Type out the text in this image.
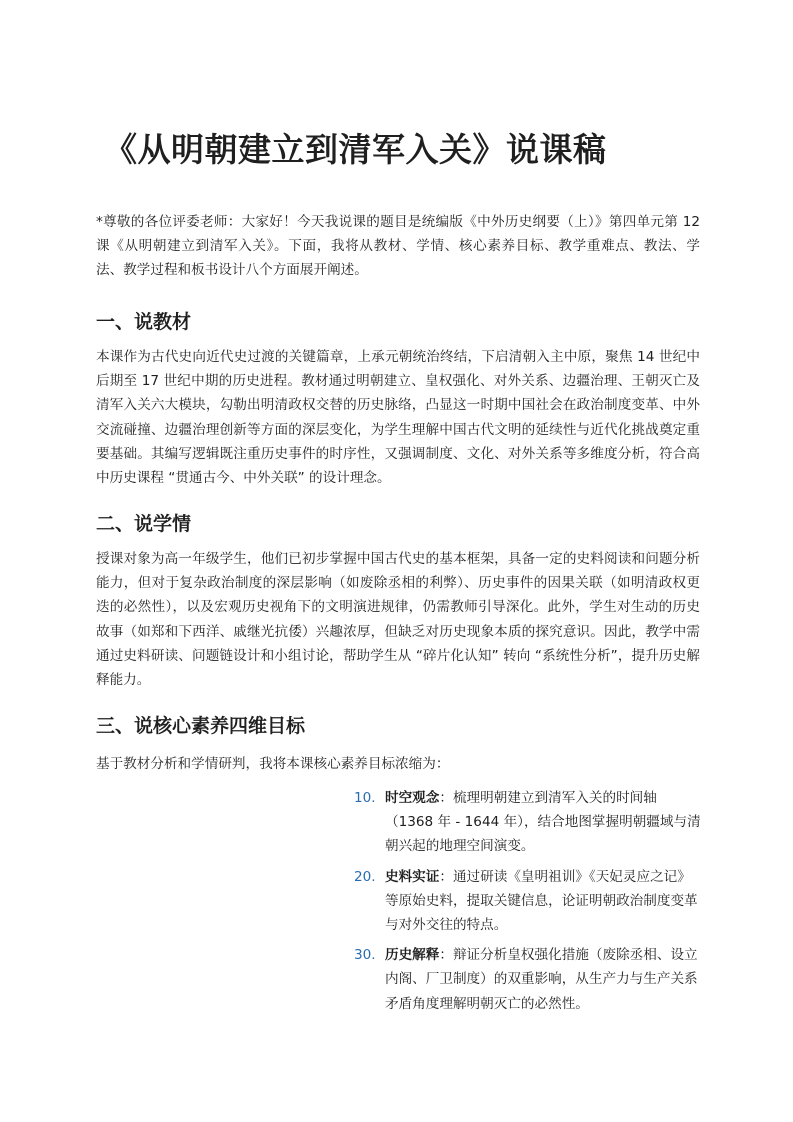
《从明朝建立到清军入关》说课稿

*尊敬的各位评委老师：大家好！今天我说课的题目是统编版《中外历史纲要（上）》第四单元第 12 课《从明朝建立到清军入关》。下面，我将从教材、学情、核心素养目标、教学重难点、教法、学法、教学过程和板书设计八个方面展开阐述。

一、说教材

本课作为古代史向近代史过渡的关键篇章，上承元朝统治终结，下启清朝入主中原，聚焦 14 世纪中后期至 17 世纪中期的历史进程。教材通过明朝建立、皇权强化、对外关系、边疆治理、王朝灭亡及清军入关六大模块，勾勒出明清政权交替的历史脉络，凸显这一时期中国社会在政治制度变革、中外交流碰撞、边疆治理创新等方面的深层变化，为学生理解中国古代文明的延续性与近代化挑战奠定重要基础。其编写逻辑既注重历史事件的时序性，又强调制度、文化、对外关系等多维度分析，符合高中历史课程 “贯通古今、中外关联” 的设计理念。

二、说学情

授课对象为高一年级学生，他们已初步掌握中国古代史的基本框架，具备一定的史料阅读和问题分析能力，但对于复杂政治制度的深层影响（如废除丞相的利弊）、历史事件的因果关联（如明清政权更迭的必然性），以及宏观历史视角下的文明演进规律，仍需教师引导深化。此外，学生对生动的历史故事（如郑和下西洋、戚继光抗倭）兴趣浓厚，但缺乏对历史现象本质的探究意识。因此，教学中需通过史料研读、问题链设计和小组讨论，帮助学生从 “碎片化认知” 转向 “系统性分析”，提升历史解释能力。

三、说核心素养四维目标

基于教材分析和学情研判，我将本课核心素养目标浓缩为：

10. 时空观念：梳理明朝建立到清军入关的时间轴（1368 年 - 1644 年），结合地图掌握明朝疆域与清朝兴起的地理空间演变。
20. 史料实证：通过研读《皇明祖训》《天妃灵应之记》等原始史料，提取关键信息，论证明朝政治制度变革与对外交往的特点。
30. 历史解释：辩证分析皇权强化措施（废除丞相、设立内阁、厂卫制度）的双重影响，从生产力与生产关系矛盾角度理解明朝灭亡的必然性。
